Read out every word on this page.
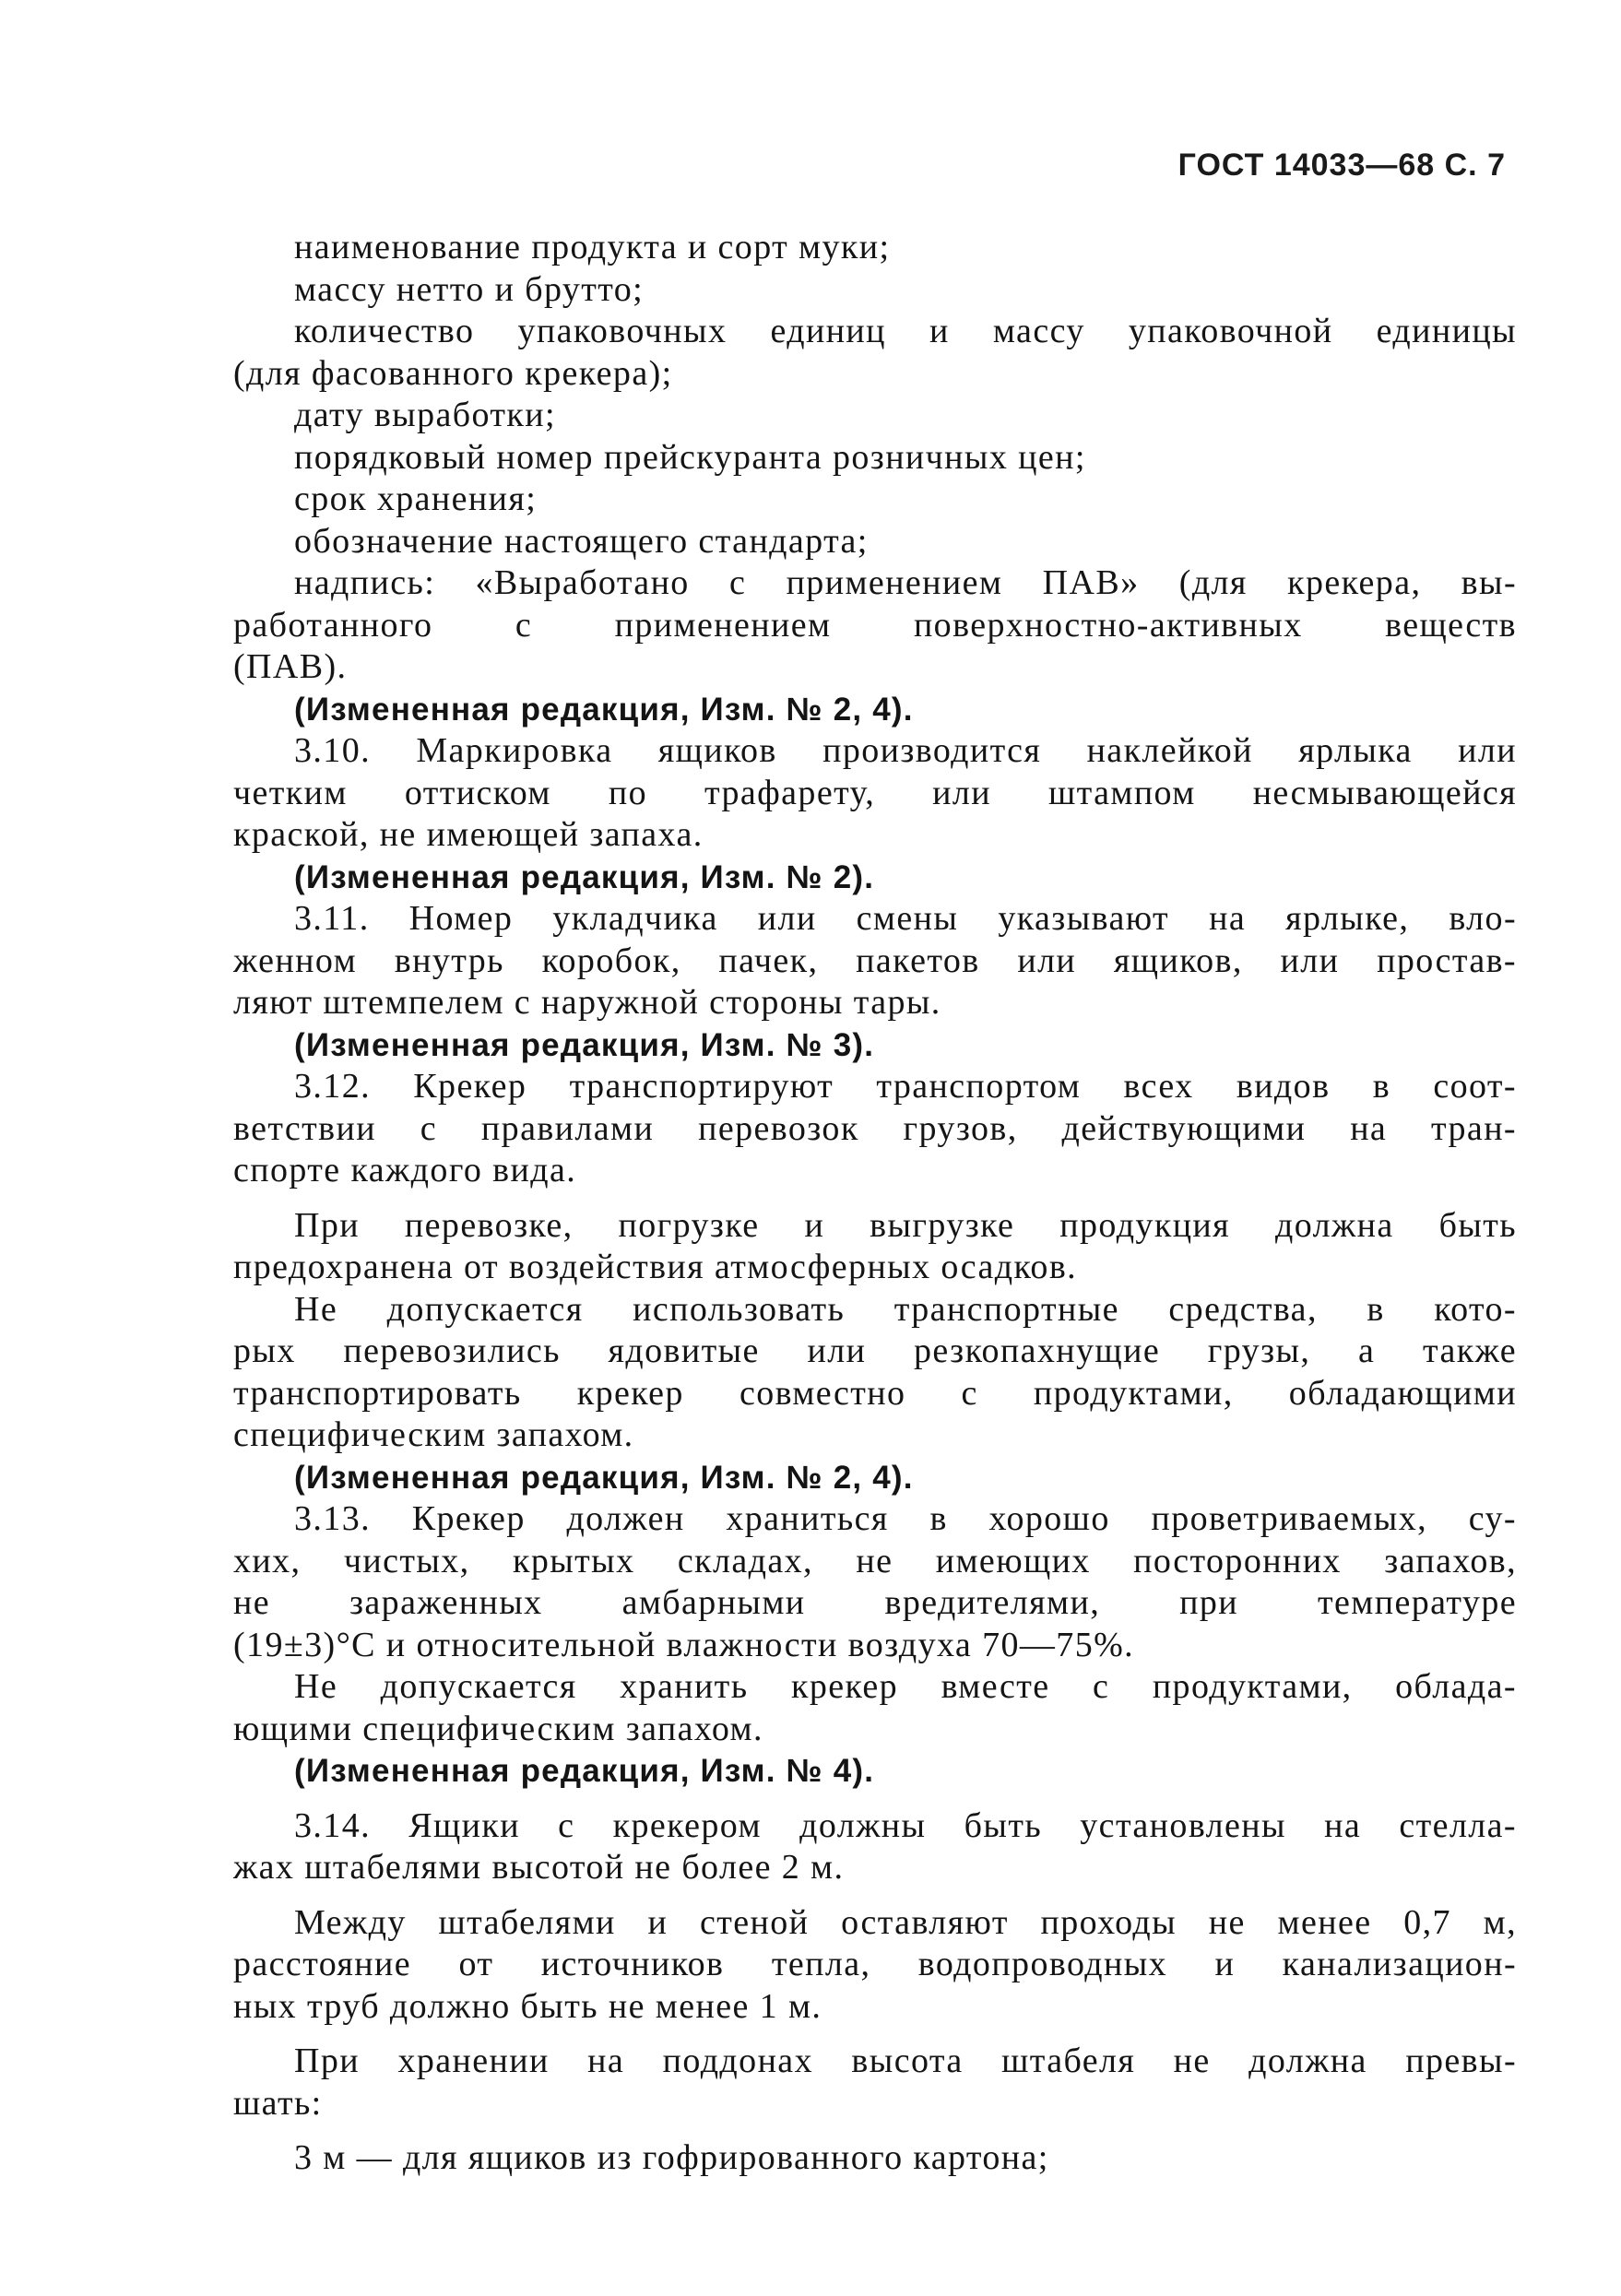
ГОСТ 14033—68 С. 7
наименование продукта и сорт муки;
массу нетто и брутто;
количество упаковочных единиц и массу упаковочной единицы
(для фасованного крекера);
дату выработки;
порядковый номер прейскуранта розничных цен;
срок хранения;
обозначение настоящего стандарта;
надпись: «Выработано с применением ПАВ» (для крекера, вы-
работанного с применением поверхностно-активных веществ
(ПАВ).
(Измененная редакция, Изм. № 2, 4).
3.10. Маркировка ящиков производится наклейкой ярлыка или
четким оттиском по трафарету, или штампом несмывающейся
краской, не имеющей запаха.
(Измененная редакция, Изм. № 2).
3.11. Номер укладчика или смены указывают на ярлыке, вло-
женном внутрь коробок, пачек, пакетов или ящиков, или простав-
ляют штемпелем с наружной стороны тары.
(Измененная редакция, Изм. № 3).
3.12. Крекер транспортируют транспортом всех видов в соот-
ветствии с правилами перевозок грузов, действующими на тран-
спорте каждого вида.
При перевозке, погрузке и выгрузке продукция должна быть
предохранена от воздействия атмосферных осадков.
Не допускается использовать транспортные средства, в кото-
рых перевозились ядовитые или резкопахнущие грузы, а также
транспортировать крекер совместно с продуктами, обладающими
специфическим запахом.
(Измененная редакция, Изм. № 2, 4).
3.13. Крекер должен храниться в хорошо проветриваемых, су-
хих, чистых, крытых складах, не имеющих посторонних запахов,
не зараженных амбарными вредителями, при температуре
(19±3)°С и относительной влажности воздуха 70—75%.
Не допускается хранить крекер вместе с продуктами, облада-
ющими специфическим запахом.
(Измененная редакция, Изм. № 4).
3.14. Ящики с крекером должны быть установлены на стелла-
жах штабелями высотой не более 2 м.
Между штабелями и стеной оставляют проходы не менее 0,7 м,
расстояние от источников тепла, водопроводных и канализацион-
ных труб должно быть не менее 1 м.
При хранении на поддонах высота штабеля не должна превы-
шать:
3 м — для ящиков из гофрированного картона;
